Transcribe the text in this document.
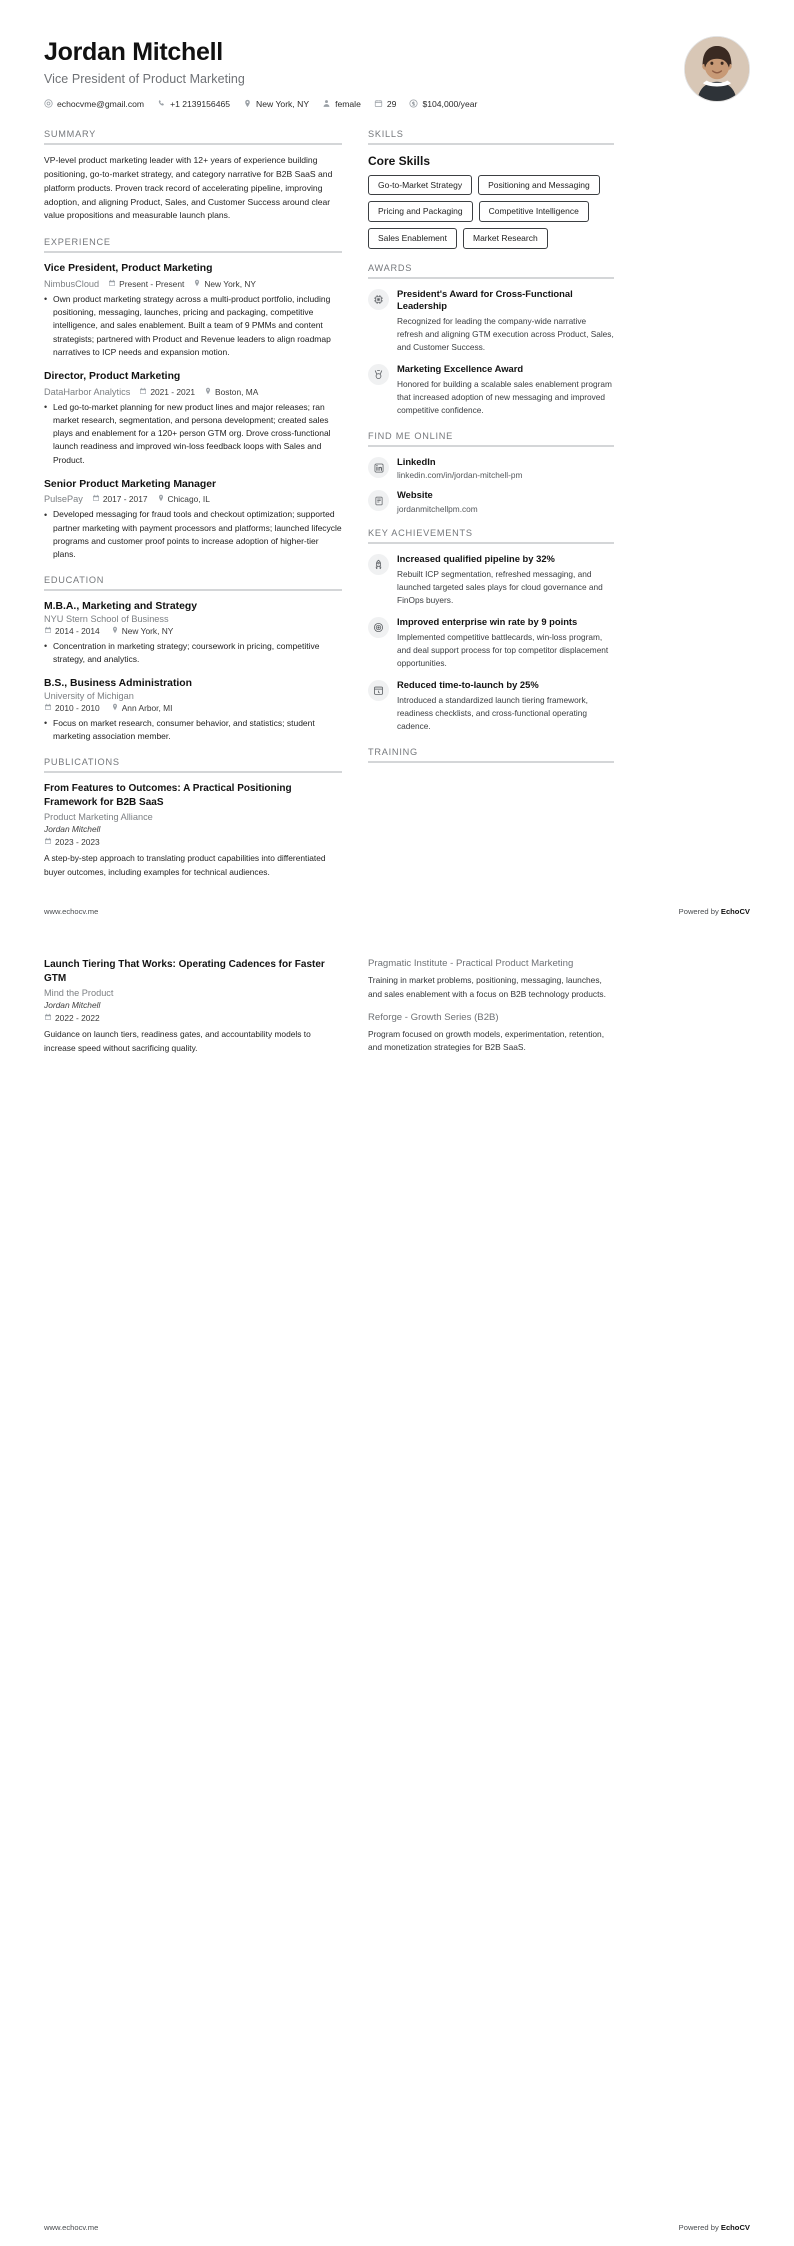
Jordan Mitchell
Vice President of Product Marketing
echocvme@gmail.com	+1 2139156465	New York, NY	female	29	$104,000/year
SUMMARY
VP-level product marketing leader with 12+ years of experience building positioning, go-to-market strategy, and category narrative for B2B SaaS and platform products. Proven track record of accelerating pipeline, improving adoption, and aligning Product, Sales, and Customer Success around clear value propositions and measurable launch plans.
EXPERIENCE
Vice President, Product Marketing
NimbusCloud Present - Present New York, NY
• Own product marketing strategy across a multi-product portfolio, including positioning, messaging, launches, pricing and packaging, competitive intelligence, and sales enablement. Built a team of 9 PMMs and content strategists; partnered with Product and Revenue leaders to align roadmap narratives to ICP needs and expansion motion.
Director, Product Marketing
DataHarbor Analytics 2021 - 2021 Boston, MA
• Led go-to-market planning for new product lines and major releases; ran market research, segmentation, and persona development; created sales plays and enablement for a 120+ person GTM org. Drove cross-functional launch readiness and improved win-loss feedback loops with Sales and Product.
Senior Product Marketing Manager
PulsePay 2017 - 2017 Chicago, IL
• Developed messaging for fraud tools and checkout optimization; supported partner marketing with payment processors and platforms; launched lifecycle programs and customer proof points to increase adoption of higher-tier plans.
EDUCATION
M.B.A., Marketing and Strategy
NYU Stern School of Business
2014 - 2014	New York, NY
• Concentration in marketing strategy; coursework in pricing, competitive strategy, and analytics.
B.S., Business Administration
University of Michigan
2010 - 2010	Ann Arbor, MI
• Focus on market research, consumer behavior, and statistics; student marketing association member.
PUBLICATIONS
From Features to Outcomes: A Practical Positioning Framework for B2B SaaS
Product Marketing Alliance
Jordan Mitchell
2023 - 2023
A step-by-step approach to translating product capabilities into differentiated buyer outcomes, including examples for technical audiences.
SKILLS
Core Skills
Go-to-Market Strategy	Positioning and Messaging
Pricing and Packaging	Competitive Intelligence
Sales Enablement	Market Research
AWARDS
President's Award for Cross-Functional Leadership
Recognized for leading the company-wide narrative refresh and aligning GTM execution across Product, Sales, and Customer Success.
Marketing Excellence Award
Honored for building a scalable sales enablement program that increased adoption of new messaging and improved competitive confidence.
FIND ME ONLINE
LinkedIn
linkedin.com/in/jordan-mitchell-pm
Website
jordanmitchellpm.com
KEY ACHIEVEMENTS
Increased qualified pipeline by 32%
Rebuilt ICP segmentation, refreshed messaging, and launched targeted sales plays for cloud governance and FinOps buyers.
Improved enterprise win rate by 9 points
Implemented competitive battlecards, win-loss program, and deal support process for top competitor displacement opportunities.
Reduced time-to-launch by 25%
Introduced a standardized launch tiering framework, readiness checklists, and cross-functional operating cadence.
TRAINING
www.echocv.me	Powered by EchoCV
Launch Tiering That Works: Operating Cadences for Faster GTM
Mind the Product
Jordan Mitchell
2022 - 2022
Guidance on launch tiers, readiness gates, and accountability models to increase speed without sacrificing quality.
Pragmatic Institute - Practical Product Marketing
Training in market problems, positioning, messaging, launches, and sales enablement with a focus on B2B technology products.
Reforge - Growth Series (B2B)
Program focused on growth models, experimentation, retention, and monetization strategies for B2B SaaS.
www.echocv.me	Powered by EchoCV
